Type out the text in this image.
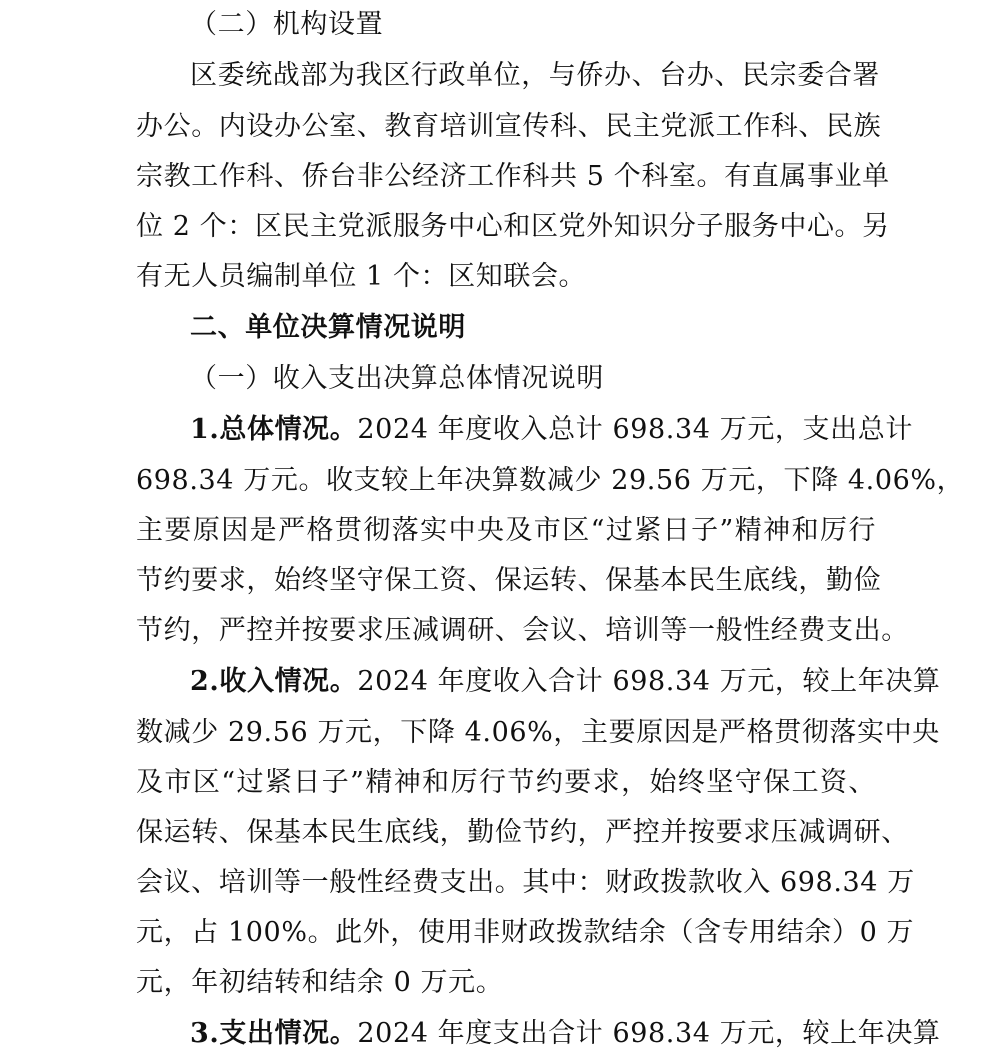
（二）机构设置
区委统战部为我区行政单位，与侨办、台办、民宗委合署
办公。内设办公室、教育培训宣传科、民主党派工作科、民族
宗教工作科、侨台非公经济工作科共 5 个科室。有直属事业单
位 2 个：区民主党派服务中心和区党外知识分子服务中心。另
有无人员编制单位 1 个：区知联会。
二、单位决算情况说明
（一）收入支出决算总体情况说明
1.总体情况。2024 年度收入总计 698.34 万元，支出总计
698.34 万元。收支较上年决算数减少 29.56 万元，下降 4.06%，
主要原因是严格贯彻落实中央及市区“过紧日子”精神和厉行
节约要求，始终坚守保工资、保运转、保基本民生底线，勤俭
节约，严控并按要求压减调研、会议、培训等一般性经费支出。
2.收入情况。2024 年度收入合计 698.34 万元，较上年决算
数减少 29.56 万元，下降 4.06%，主要原因是严格贯彻落实中央
及市区“过紧日子”精神和厉行节约要求，始终坚守保工资、
保运转、保基本民生底线，勤俭节约，严控并按要求压减调研、
会议、培训等一般性经费支出。其中：财政拨款收入 698.34 万
元，占 100%。此外，使用非财政拨款结余（含专用结余）0 万
元，年初结转和结余 0 万元。
3.支出情况。2024 年度支出合计 698.34 万元，较上年决算
